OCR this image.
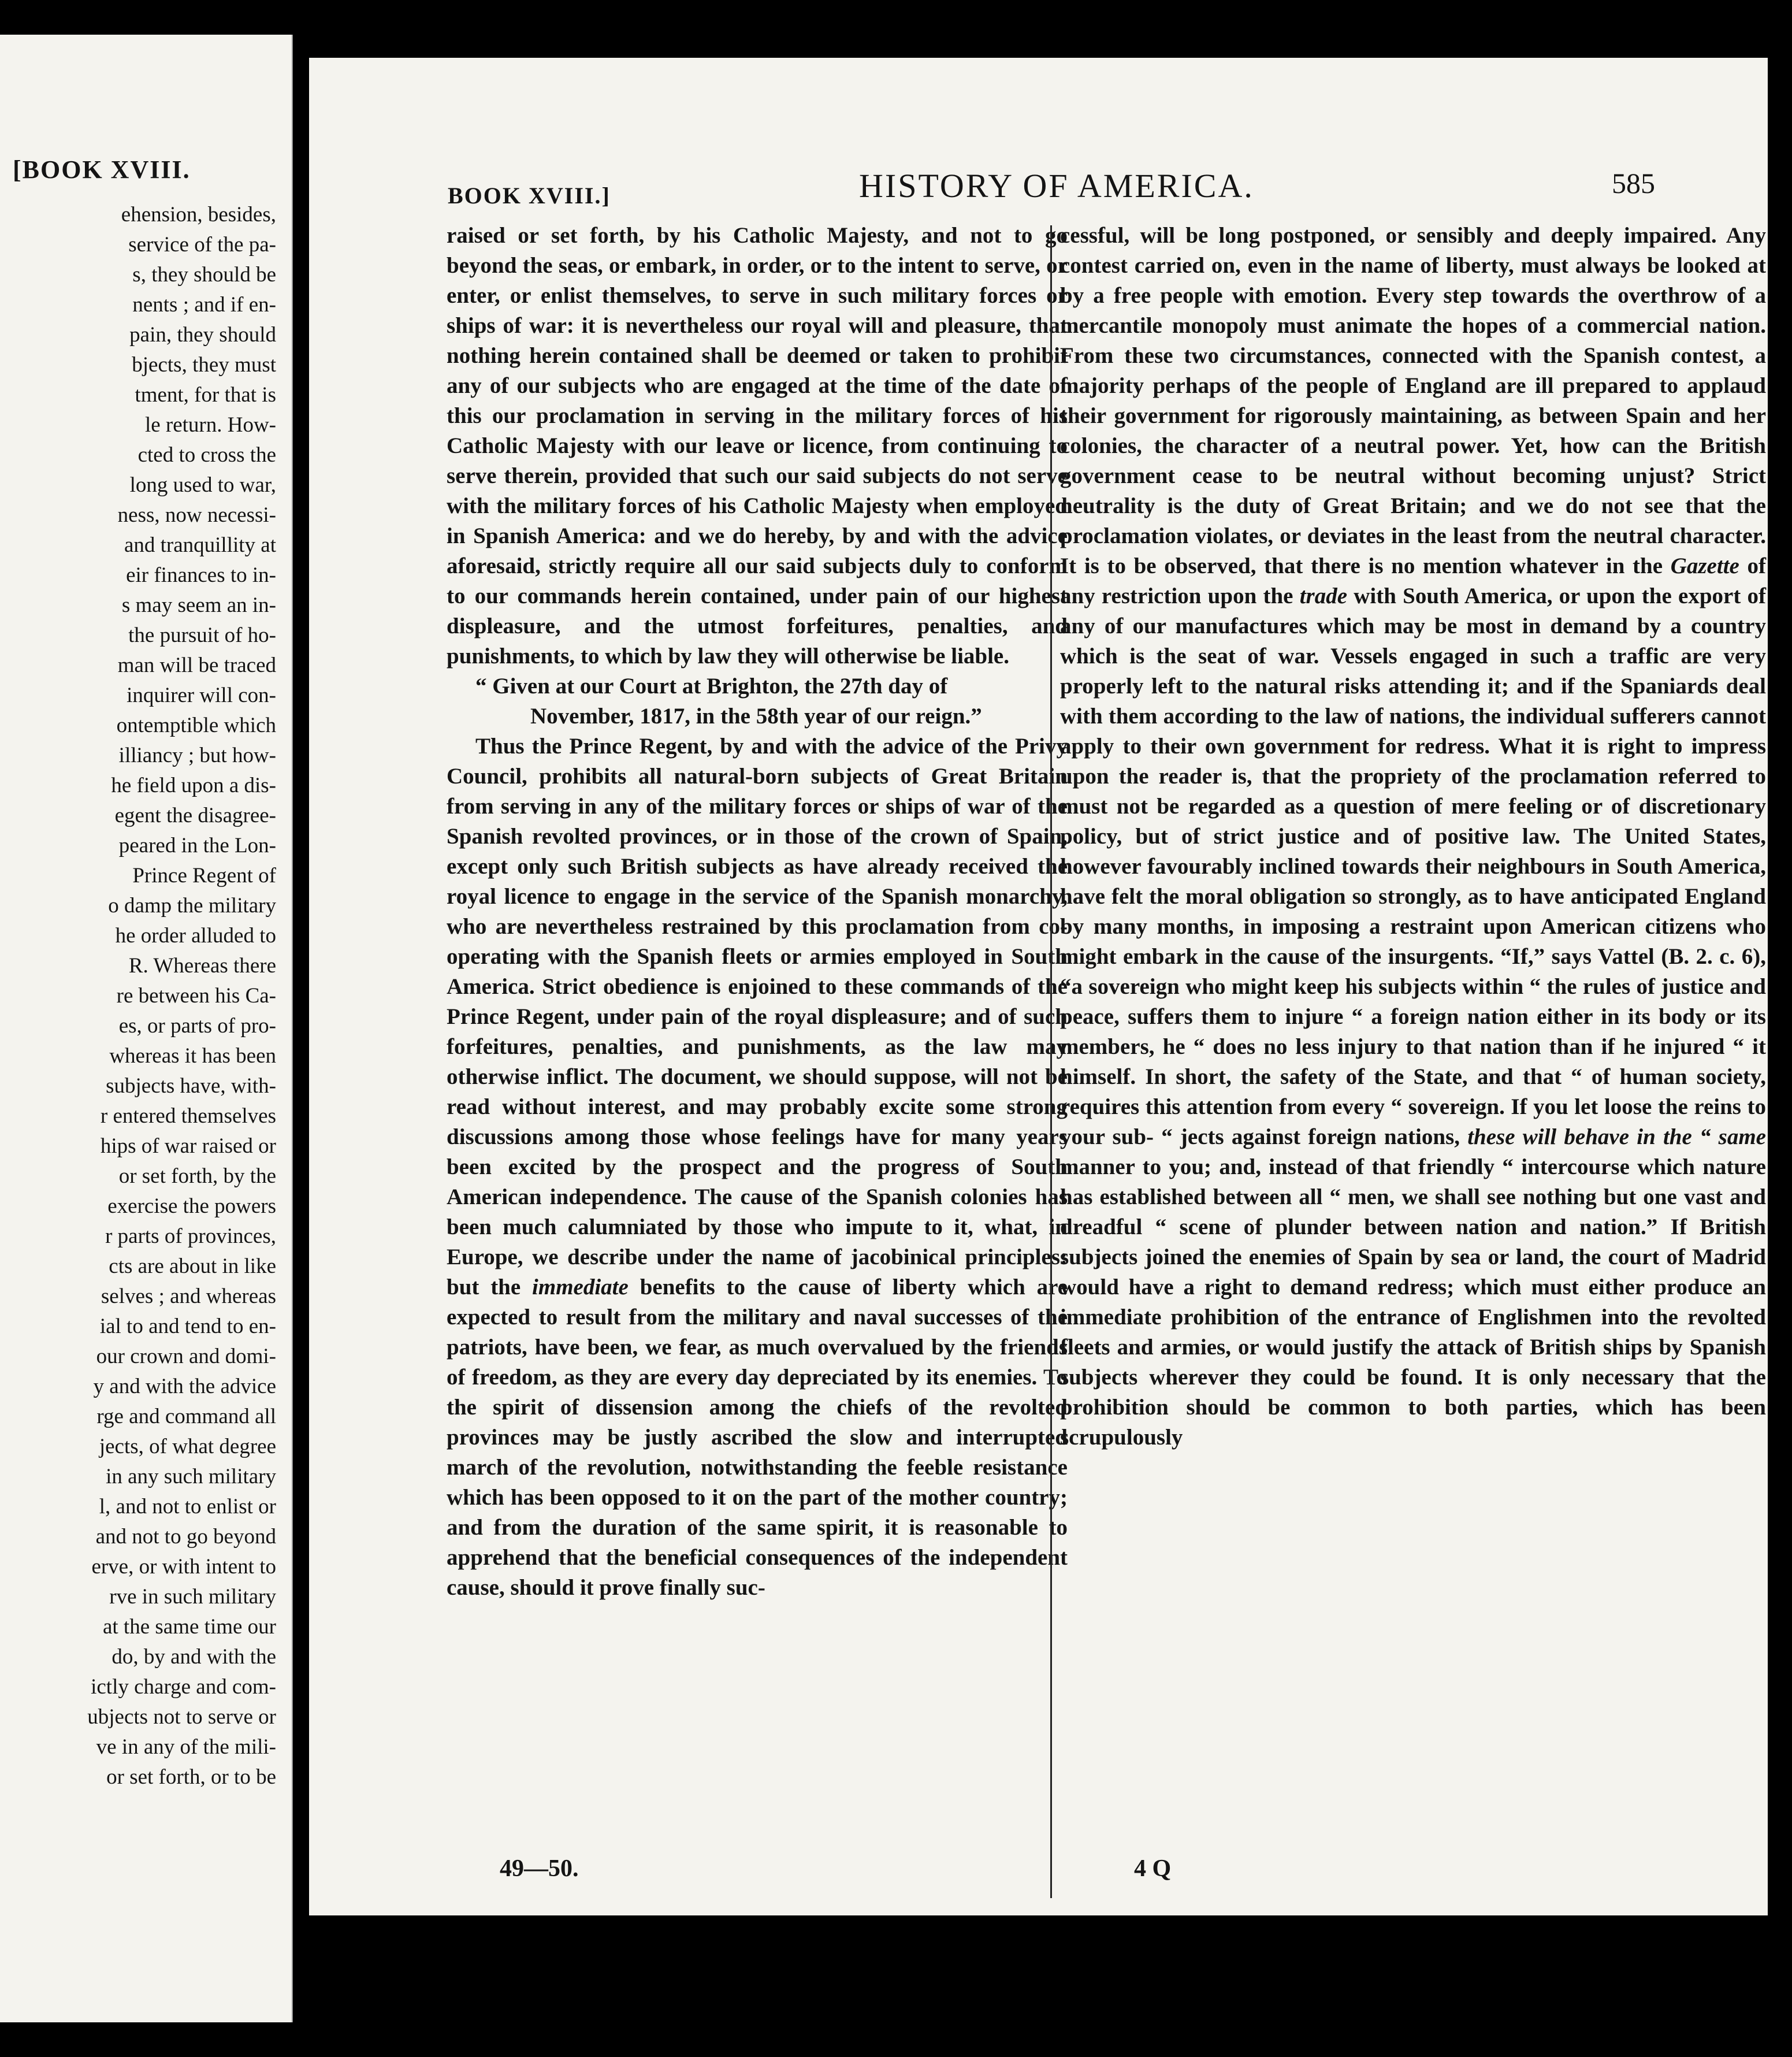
[BOOK XVIII.
ehension, besides,
service of the pa-
s, they should be
nents ; and if en-
pain, they should
bjects, they must
tment, for that is
le return. How-
cted to cross the
long used to war,
ness, now necessi-
and tranquillity at
eir finances to in-
s may seem an in-
the pursuit of ho-
man will be traced
inquirer will con-
ontemptible which
illiancy ; but how-
he field upon a dis-
egent the disagree-
peared in the Lon-
Prince Regent of
o damp the military
he order alluded to
R. Whereas there
re between his Ca-
es, or parts of pro-
whereas it has been
subjects have, with-
r entered themselves
hips of war raised or
or set forth, by the
exercise the powers
r parts of provinces,
cts are about in like
selves ; and whereas
ial to and tend to en-
our crown and domi-
y and with the advice
rge and command all
jects, of what degree
in any such military
l, and not to enlist or
and not to go beyond
erve, or with intent to
rve in such military
at the same time our
do, by and with the
ictly charge and com-
ubjects not to serve or
ve in any of the mili-
or set forth, or to be
BOOK XVIII.]	HISTORY OF AMERICA.	585

raised or set forth, by his Catholic Majesty, and not to go beyond the seas, or embark, in order, or to the intent to serve, or enter, or enlist themselves, to serve in such military forces or ships of war: it is nevertheless our royal will and pleasure, that nothing herein contained shall be deemed or taken to prohibit any of our subjects who are engaged at the time of the date of this our proclamation in serving in the military forces of his Catholic Majesty with our leave or licence, from continuing to serve therein, provided that such our said subjects do not serve with the military forces of his Catholic Majesty when employed in Spanish America: and we do hereby, by and with the advice aforesaid, strictly require all our said subjects duly to conform to our commands herein contained, under pain of our highest displeasure, and the utmost forfeitures, penalties, and punishments, to which by law they will otherwise be liable.

“ Given at our Court at Brighton, the 27th day of

November, 1817, in the 58th year of our reign.”

Thus the Prince Regent, by and with the advice of the Privy Council, prohibits all natural-born subjects of Great Britain from serving in any of the military forces or ships of war of the Spanish revolted provinces, or in those of the crown of Spain, except only such British subjects as have already received the royal licence to engage in the service of the Spanish monarchy, who are nevertheless restrained by this proclamation from co-operating with the Spanish fleets or armies employed in South America. Strict obedience is enjoined to these commands of the Prince Regent, under pain of the royal displeasure; and of such forfeitures, penalties, and punishments, as the law may otherwise inflict. The document, we should suppose, will not be read without interest, and may probably excite some strong discussions among those whose feelings have for many years been excited by the prospect and the progress of South American independence. The cause of the Spanish colonies has been much calumniated by those who impute to it, what, in Europe, we describe under the name of jacobinical principles: but the immediate benefits to the cause of liberty which are expected to result from the military and naval successes of the patriots, have been, we fear, as much overvalued by the friends of freedom, as they are every day depreciated by its enemies. To the spirit of dissension among the chiefs of the revolted provinces may be justly ascribed the slow and interrupted march of the revolution, notwithstanding the feeble resistance which has been opposed to it on the part of the mother country; and from the duration of the same spirit, it is reasonable to apprehend that the beneficial consequences of the independent cause, should it prove finally suc-

cessful, will be long postponed, or sensibly and deeply impaired. Any contest carried on, even in the name of liberty, must always be looked at by a free people with emotion. Every step towards the overthrow of a mercantile monopoly must animate the hopes of a commercial nation. From these two circumstances, connected with the Spanish contest, a majority perhaps of the people of England are ill prepared to applaud their government for rigorously maintaining, as between Spain and her colonies, the character of a neutral power. Yet, how can the British government cease to be neutral without becoming unjust? Strict neutrality is the duty of Great Britain; and we do not see that the proclamation violates, or deviates in the least from the neutral character. It is to be observed, that there is no mention whatever in the Gazette of any restriction upon the trade with South America, or upon the export of any of our manufactures which may be most in demand by a country which is the seat of war. Vessels engaged in such a traffic are very properly left to the natural risks attending it; and if the Spaniards deal with them according to the law of nations, the individual sufferers cannot apply to their own government for redress. What it is right to impress upon the reader is, that the propriety of the proclamation referred to must not be regarded as a question of mere feeling or of discretionary policy, but of strict justice and of positive law. The United States, however favourably inclined towards their neighbours in South America, have felt the moral obligation so strongly, as to have anticipated England by many months, in imposing a restraint upon American citizens who might embark in the cause of the insurgents. “If,” says Vattel (B. 2. c. 6), “a sovereign who might keep his subjects within “ the rules of justice and peace, suffers them to injure “ a foreign nation either in its body or its members, he “ does no less injury to that nation than if he injured “ it himself. In short, the safety of the State, and that “ of human society, requires this attention from every “ sovereign. If you let loose the reins to your sub- “ jects against foreign nations, these will behave in the “ same manner to you; and, instead of that friendly “ intercourse which nature has established between all “ men, we shall see nothing but one vast and dreadful “ scene of plunder between nation and nation.” If British subjects joined the enemies of Spain by sea or land, the court of Madrid would have a right to demand redress; which must either produce an immediate prohibition of the entrance of Englishmen into the revolted fleets and armies, or would justify the attack of British ships by Spanish subjects wherever they could be found. It is only necessary that the prohibition should be common to both parties, which has been scrupulously

49—50.	4 Q
